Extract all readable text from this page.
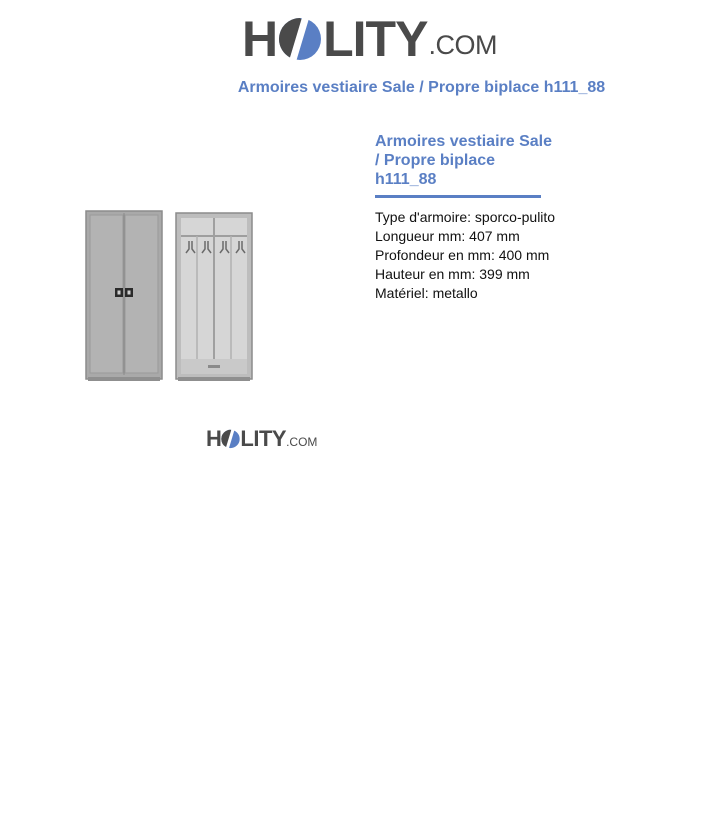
H LITY .COM
Armoires vestiaire Sale / Propre biplace h111_88
H LITY .COM
Armoires vestiaire Sale
/ Propre biplace
h111_88
Type d'armoire: sporco-pulito
Longueur mm: 407 mm
Profondeur en mm: 400 mm
Hauteur en mm: 399 mm
Matériel: metallo
